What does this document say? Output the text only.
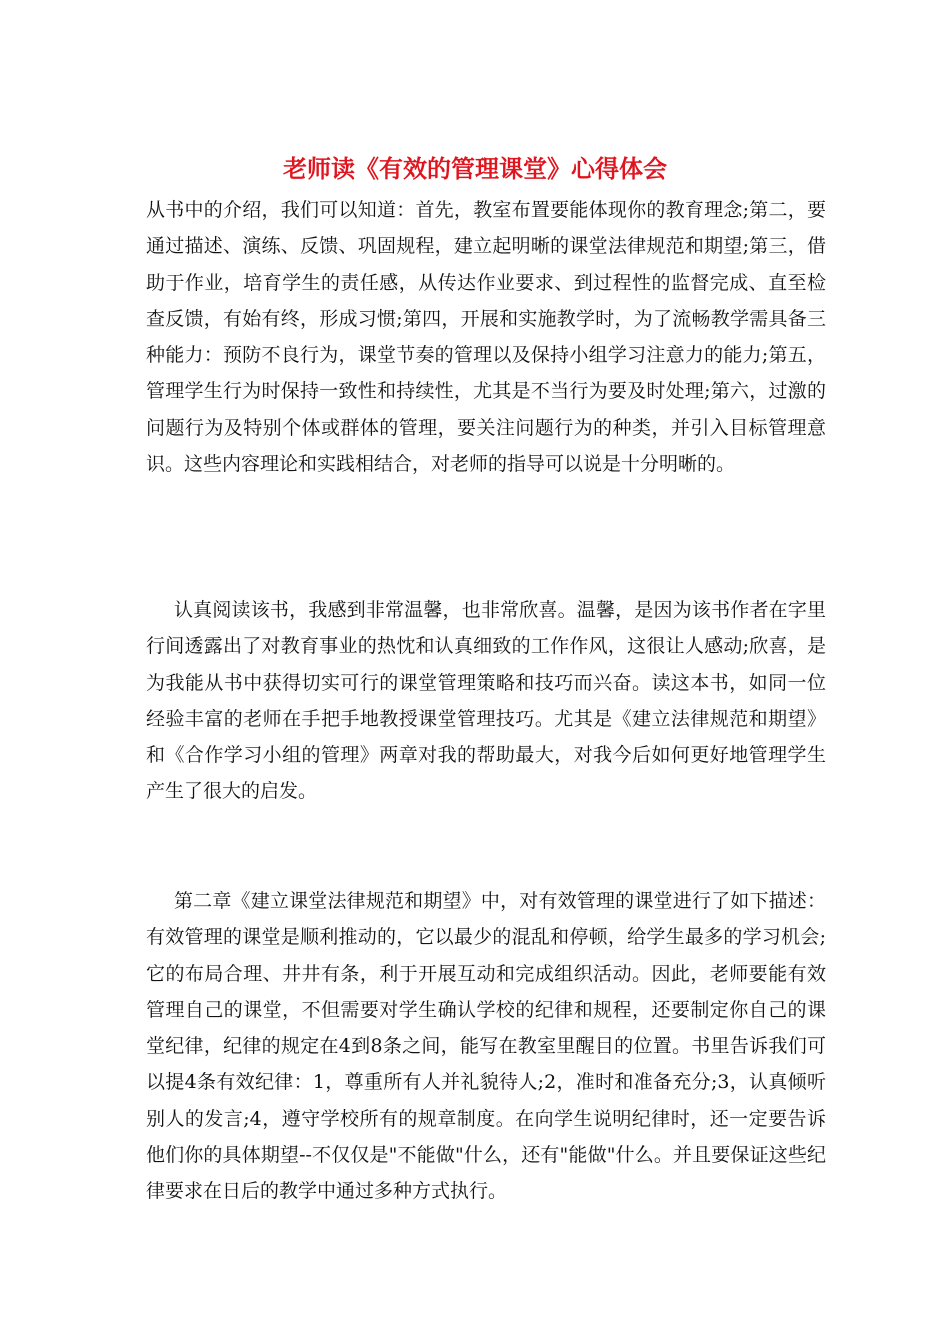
老师读《有效的管理课堂》心得体会

从书中的介绍，我们可以知道：首先，教室布置要能体现你的教育理念;第二，要通过描述、演练、反馈、巩固规程，建立起明晰的课堂法律规范和期望;第三，借助于作业，培育学生的责任感，从传达作业要求、到过程性的监督完成、直至检查反馈，有始有终，形成习惯;第四，开展和实施教学时，为了流畅教学需具备三种能力：预防不良行为，课堂节奏的管理以及保持小组学习注意力的能力;第五，管理学生行为时保持一致性和持续性，尤其是不当行为要及时处理;第六，过激的问题行为及特别个体或群体的管理，要关注问题行为的种类，并引入目标管理意识。这些内容理论和实践相结合，对老师的指导可以说是十分明晰的。

认真阅读该书，我感到非常温馨，也非常欣喜。温馨，是因为该书作者在字里行间透露出了对教育事业的热忱和认真细致的工作作风，这很让人感动;欣喜，是为我能从书中获得切实可行的课堂管理策略和技巧而兴奋。读这本书，如同一位经验丰富的老师在手把手地教授课堂管理技巧。尤其是《建立法律规范和期望》和《合作学习小组的管理》两章对我的帮助最大，对我今后如何更好地管理学生产生了很大的启发。

第二章《建立课堂法律规范和期望》中，对有效管理的课堂进行了如下描述：有效管理的课堂是顺利推动的，它以最少的混乱和停顿，给学生最多的学习机会;它的布局合理、井井有条，利于开展互动和完成组织活动。因此，老师要能有效管理自己的课堂，不但需要对学生确认学校的纪律和规程，还要制定你自己的课堂纪律，纪律的规定在4到8条之间，能写在教室里醒目的位置。书里告诉我们可以提4条有效纪律：1，尊重所有人并礼貌待人;2，准时和准备充分;3，认真倾听别人的发言;4，遵守学校所有的规章制度。在向学生说明纪律时，还一定要告诉他们你的具体期望--不仅仅是"不能做"什么，还有"能做"什么。并且要保证这些纪律要求在日后的教学中通过多种方式执行。
